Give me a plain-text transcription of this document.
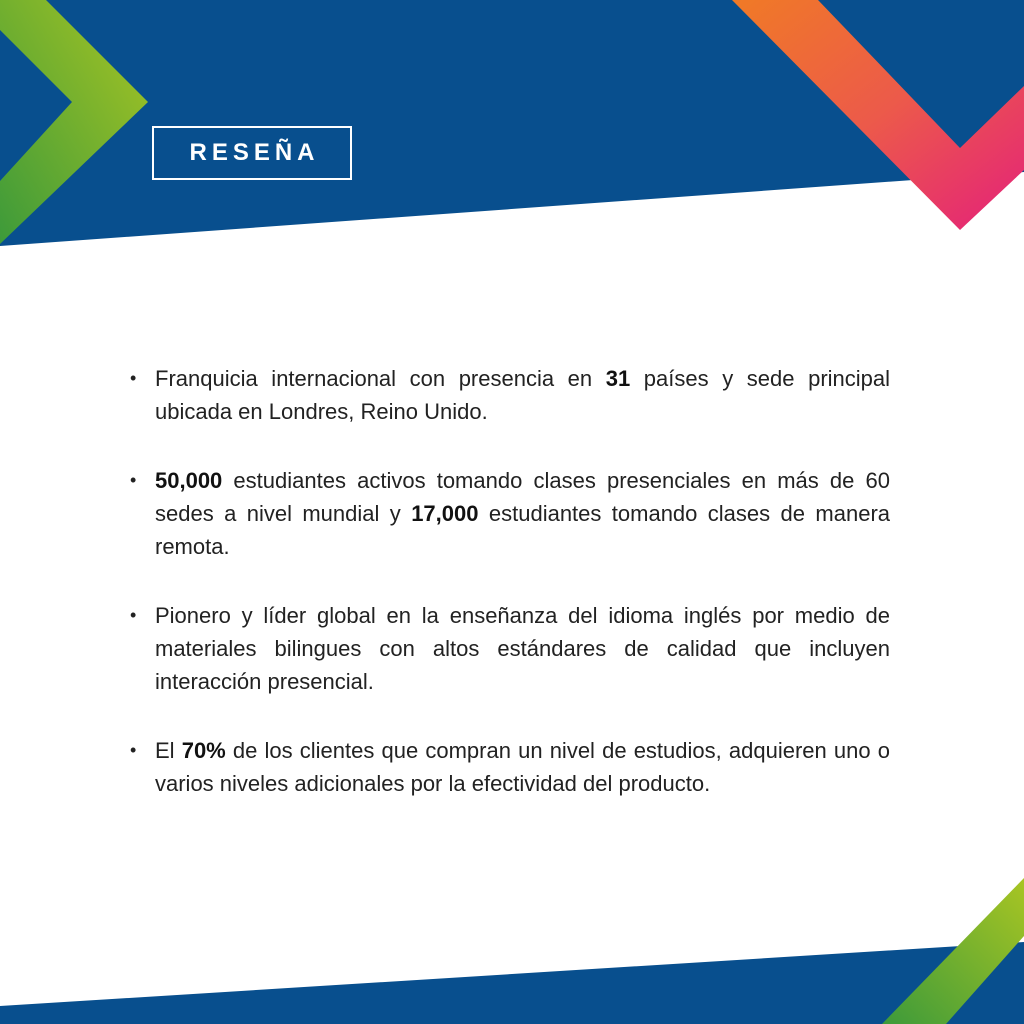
RESEÑA
• Franquicia internacional con presencia en 31 países y sede principal ubicada en Londres, Reino Unido.
• 50,000 estudiantes activos tomando clases presenciales en más de 60 sedes a nivel mundial y 17,000 estudiantes tomando clases de manera remota.
• Pionero y líder global en la enseñanza del idioma inglés por medio de materiales bilingues con altos estándares de calidad que incluyen interacción presencial.
• El 70% de los clientes que compran un nivel de estudios, adquieren uno o varios niveles adicionales por la efectividad del producto.
